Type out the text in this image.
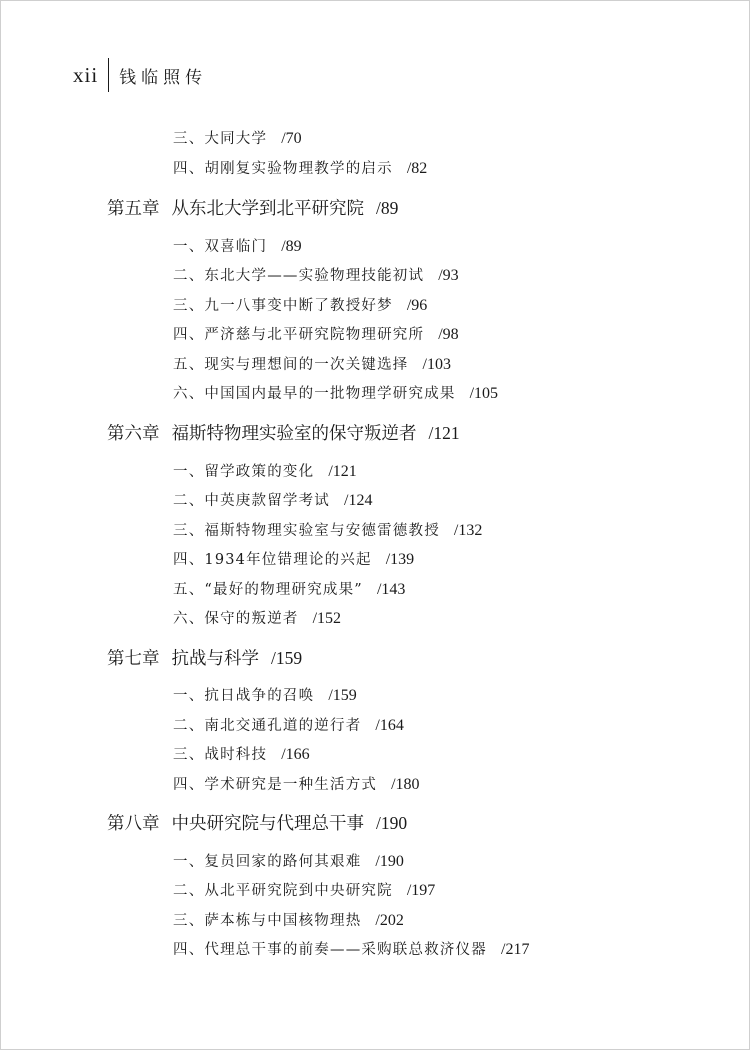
xii	钱临照传
三、大同大学 /70
四、胡刚复实验物理教学的启示 /82
第五章 从东北大学到北平研究院 /89
一、双喜临门 /89
二、东北大学——实验物理技能初试 /93
三、九一八事变中断了教授好梦 /96
四、严济慈与北平研究院物理研究所 /98
五、现实与理想间的一次关键选择 /103
六、中国国内最早的一批物理学研究成果 /105
第六章 福斯特物理实验室的保守叛逆者 /121
一、留学政策的变化 /121
二、中英庚款留学考试 /124
三、福斯特物理实验室与安德雷德教授 /132
四、1934年位错理论的兴起 /139
五、“最好的物理研究成果” /143
六、保守的叛逆者 /152
第七章 抗战与科学 /159
一、抗日战争的召唤 /159
二、南北交通孔道的逆行者 /164
三、战时科技 /166
四、学术研究是一种生活方式 /180
第八章 中央研究院与代理总干事 /190
一、复员回家的路何其艰难 /190
二、从北平研究院到中央研究院 /197
三、萨本栋与中国核物理热 /202
四、代理总干事的前奏——采购联总救济仪器 /217
